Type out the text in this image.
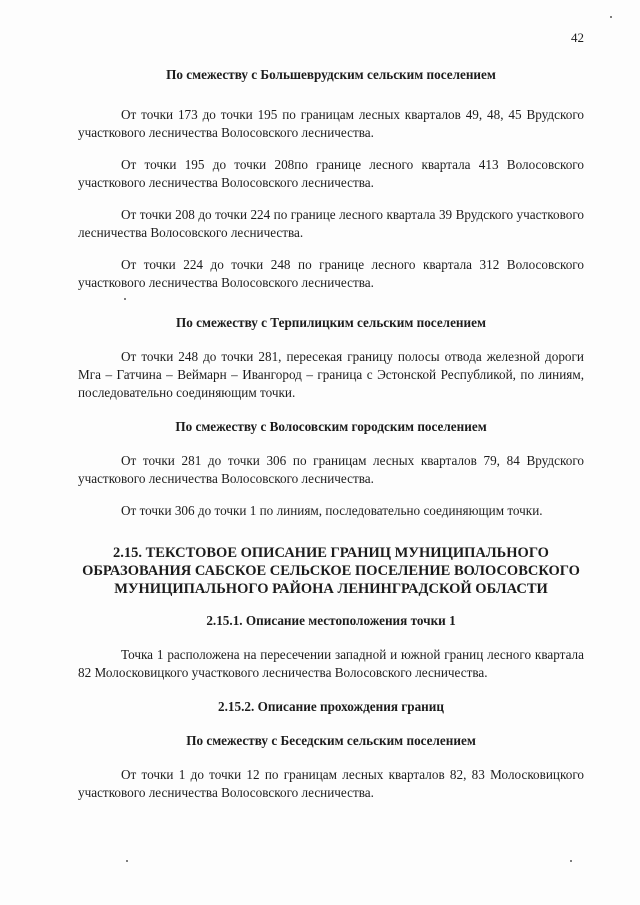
42

По смежеству с Большеврудским сельским поселением

От точки 173 до точки 195 по границам лесных кварталов 49, 48, 45 Врудского участкового лесничества Волосовского лесничества.

От точки 195 до точки 208по границе лесного квартала 413 Волосовского участкового лесничества Волосовского лесничества.

От точки 208 до точки 224 по границе лесного квартала 39 Врудского участкового лесничества Волосовского лесничества.

От точки 224 до точки 248 по границе лесного квартала 312 Волосовского участкового лесничества Волосовского лесничества.

По смежеству с Терпилицким сельским поселением

От точки 248 до точки 281, пересекая границу полосы отвода железной дороги Мга – Гатчина – Веймарн – Ивангород – граница с Эстонской Республикой, по линиям, последовательно соединяющим точки.

По смежеству с Волосовским городским поселением

От точки 281 до точки 306 по границам лесных кварталов 79, 84 Врудского участкового лесничества Волосовского лесничества.

От точки 306 до точки 1 по линиям, последовательно соединяющим точки.

2.15. ТЕКСТОВОЕ ОПИСАНИЕ ГРАНИЦ МУНИЦИПАЛЬНОГО ОБРАЗОВАНИЯ САБСКОЕ СЕЛЬСКОЕ ПОСЕЛЕНИЕ ВОЛОСОВСКОГО МУНИЦИПАЛЬНОГО РАЙОНА ЛЕНИНГРАДСКОЙ ОБЛАСТИ

2.15.1. Описание местоположения точки 1

Точка 1 расположена на пересечении западной и южной границ лесного квартала 82 Молосковицкого участкового лесничества Волосовского лесничества.

2.15.2. Описание прохождения границ

По смежеству с Беседским сельским поселением

От точки 1 до точки 12 по границам лесных кварталов 82, 83 Молосковицкого участкового лесничества Волосовского лесничества.
